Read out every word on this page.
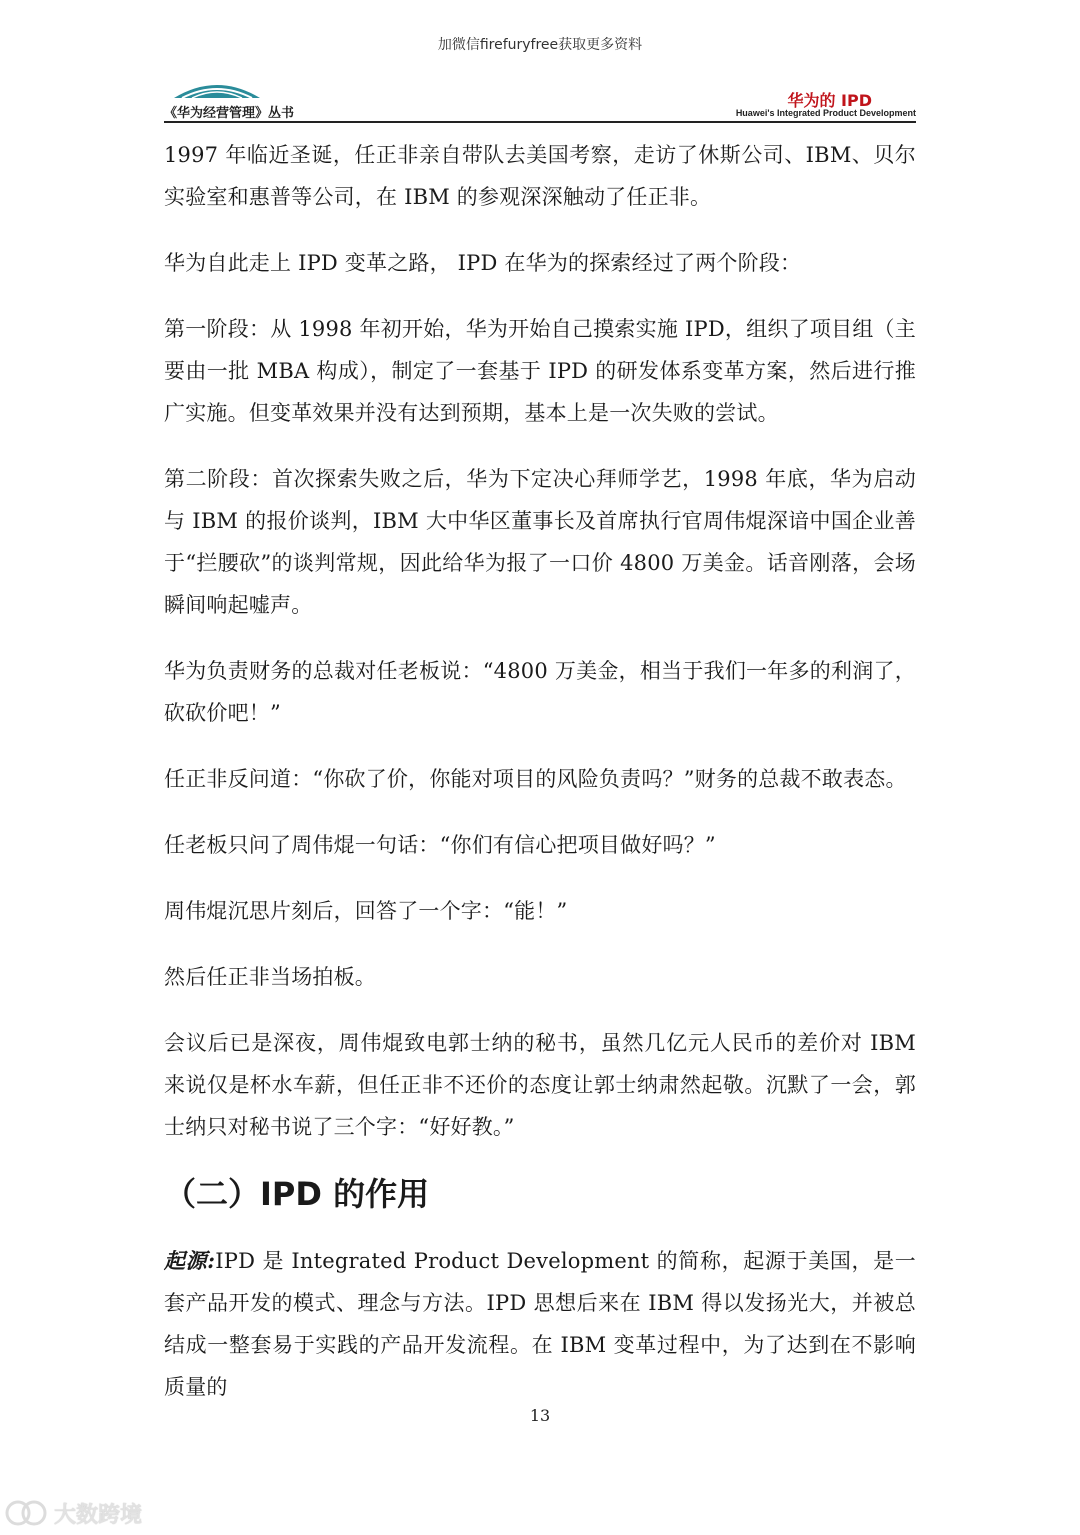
加微信firefuryfree获取更多资料
《华为经营管理》丛书
华为的 IPD
Huawei's Integrated Product Development

1997 年临近圣诞，任正非亲自带队去美国考察，走访了休斯公司、IBM、贝尔实验室和惠普等公司，在 IBM 的参观深深触动了任正非。

华为自此走上 IPD 变革之路， IPD 在华为的探索经过了两个阶段：

第一阶段：从 1998 年初开始，华为开始自己摸索实施 IPD，组织了项目组（主要由一批 MBA 构成），制定了一套基于 IPD 的研发体系变革方案，然后进行推广实施。但变革效果并没有达到预期，基本上是一次失败的尝试。

第二阶段：首次探索失败之后，华为下定决心拜师学艺，1998 年底，华为启动与 IBM 的报价谈判，IBM 大中华区董事长及首席执行官周伟焜深谙中国企业善于“拦腰砍”的谈判常规，因此给华为报了一口价 4800 万美金。话音刚落，会场瞬间响起嘘声。

华为负责财务的总裁对任老板说：“4800 万美金，相当于我们一年多的利润了，砍砍价吧！”

任正非反问道：“你砍了价，你能对项目的风险负责吗？”财务的总裁不敢表态。

任老板只问了周伟焜一句话：“你们有信心把项目做好吗？”

周伟焜沉思片刻后，回答了一个字：“能！”

然后任正非当场拍板。

会议后已是深夜，周伟焜致电郭士纳的秘书，虽然几亿元人民币的差价对 IBM 来说仅是杯水车薪，但任正非不还价的态度让郭士纳肃然起敬。沉默了一会，郭士纳只对秘书说了三个字：“好好教。”

（二）IPD 的作用

起源:IPD 是 Integrated Product Development 的简称，起源于美国，是一套产品开发的模式、理念与方法。IPD 思想后来在 IBM 得以发扬光大，并被总结成一整套易于实践的产品开发流程。在 IBM 变革过程中，为了达到在不影响质量的

13
大数跨境
